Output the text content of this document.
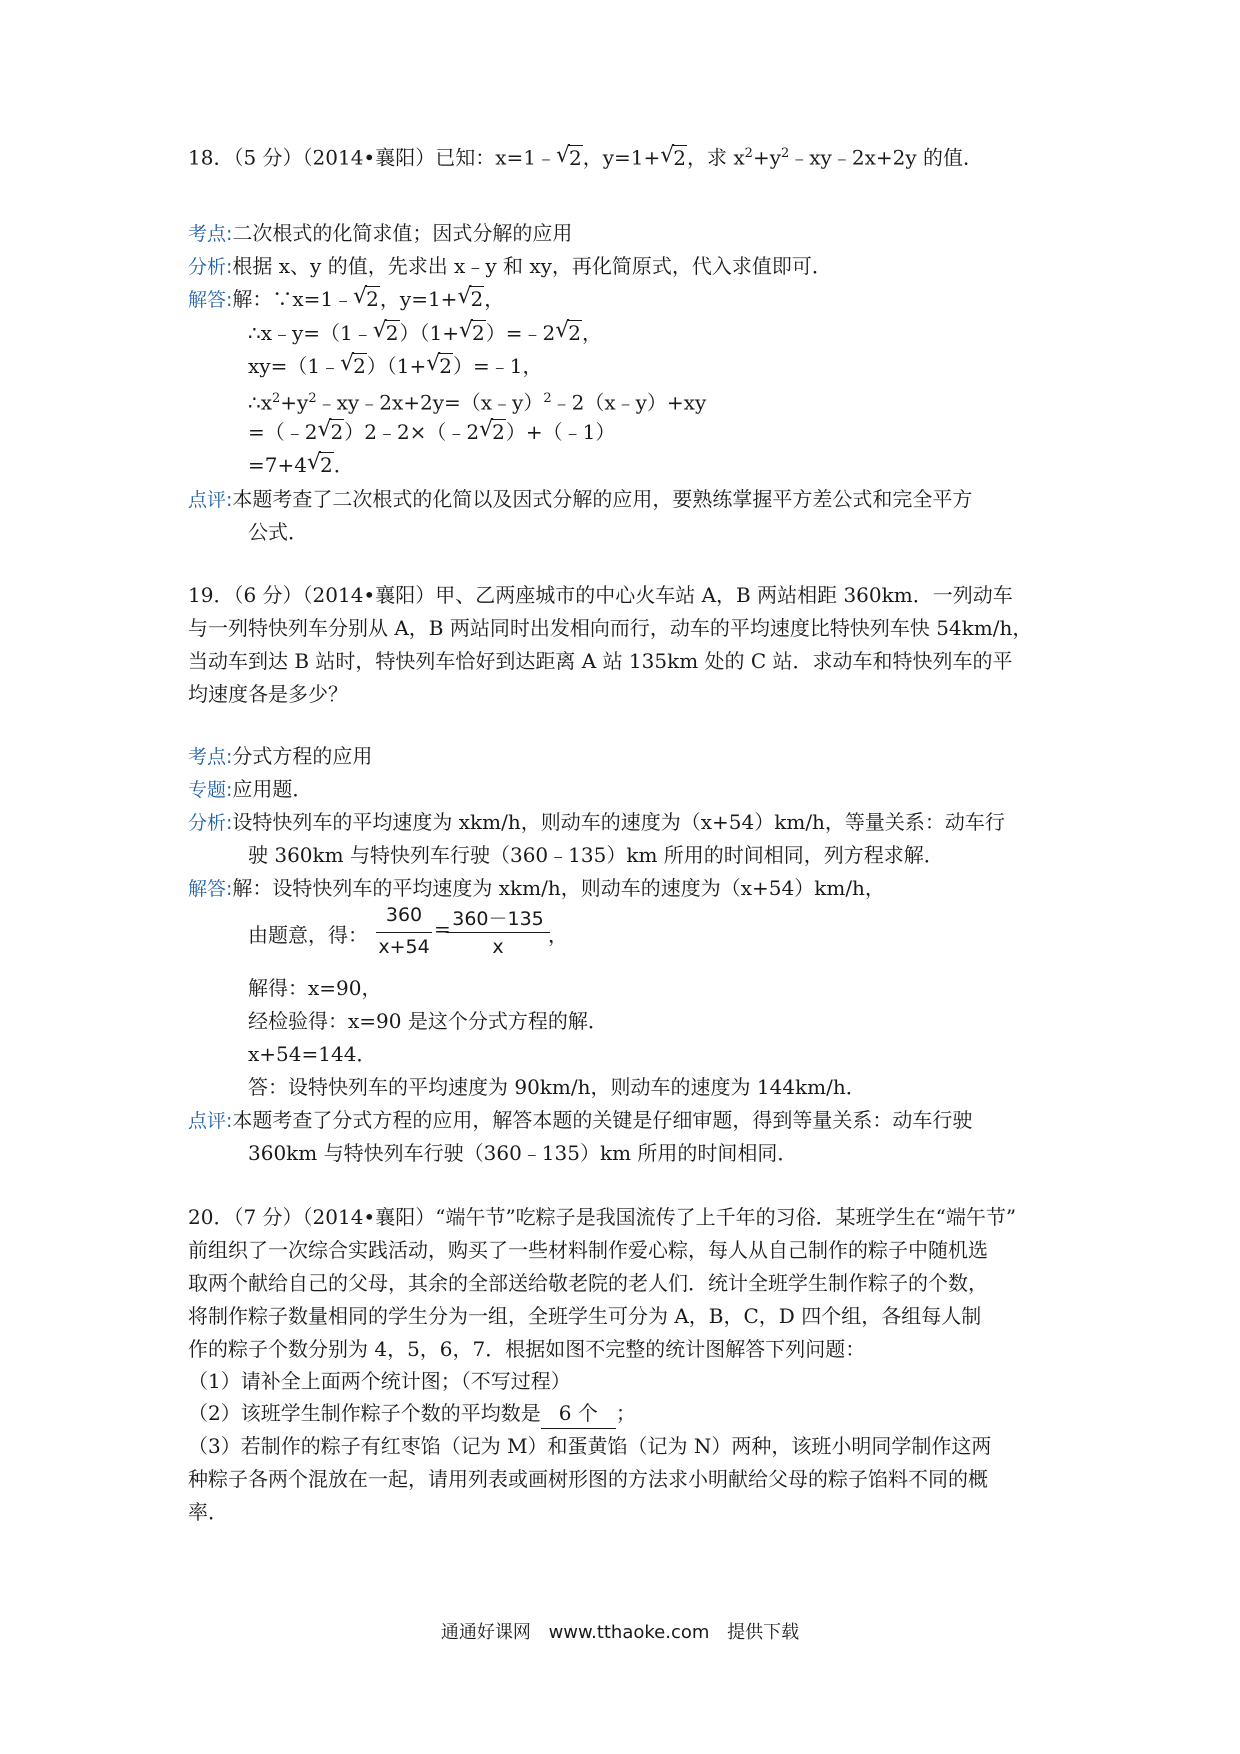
18．（5 分）（2014•襄阳）已知：x=1﹣ √
2，y=1+ √
2，求 $x^2+y^2﹣xy﹣2x+2y$ 的值．
考点:二次根式的化简求值；因式分解的应用
分析:根据 x、y 的值，先求出 x﹣y 和 xy，再化简原式，代入求值即可．
解答:解：∵x=1﹣ √
2，y=1+ √
2，
∴x﹣y=（1﹣ √
2）（1+ √
2）=﹣2 √
2，
xy=（1﹣ √
2）（1+ √
2）=﹣1，
$\therefore x^2+y^2﹣xy﹣2x+2y=(x﹣y)^2﹣2(x﹣y)+xy$
=（﹣2 √
2）2﹣2×（﹣2 √
2）+（﹣1）
=7+4 √
2．
点评:本题考查了二次根式的化简以及因式分解的应用，要熟练掌握平方差公式和完全平方
公式．
19．（6 分）（2014•襄阳）甲、乙两座城市的中心火车站 A，B 两站相距 360km．一列动车
与一列特快列车分别从 A，B 两站同时出发相向而行，动车的平均速度比特快列车快 54km/h，
当动车到达 B 站时，特快列车恰好到达距离 A 站 135km 处的 C 站．求动车和特快列车的平
均速度各是多少？
考点:分式方程的应用
专题:应用题．
分析:设特快列车的平均速度为 xkm/h，则动车的速度为（x+54）km/h，等量关系：动车行
驶 360km 与特快列车行驶（360﹣135）km 所用的时间相同，列方程求解．
解答:解：设特快列车的平均速度为 xkm/h，则动车的速度为（x+54）km/h，
由题意，得：
360
x+54
= 360－135
x	，
解得：x=90，
经检验得：x=90 是这个分式方程的解．
x+54=144．
答：设特快列车的平均速度为 90km/h，则动车的速度为 144km/h．
点评:本题考查了分式方程的应用，解答本题的关键是仔细审题，得到等量关系：动车行驶
360km 与特快列车行驶（360﹣135）km 所用的时间相同．
20．（7 分）（2014•襄阳）“端午节”吃粽子是我国流传了上千年的习俗．某班学生在“端午节”
前组织了一次综合实践活动，购买了一些材料制作爱心粽，每人从自己制作的粽子中随机选
取两个献给自己的父母，其余的全部送给敬老院的老人们．统计全班学生制作粽子的个数，
将制作粽子数量相同的学生分为一组，全班学生可分为 A，B，C，D 四个组，各组每人制
作的粽子个数分别为 4，5，6，7．根据如图不完整的统计图解答下列问题：
（1）请补全上面两个统计图；（不写过程）
（2）该班学生制作粽子个数的平均数是 6 个 ；
（3）若制作的粽子有红枣馅（记为 M）和蛋黄馅（记为 N）两种，该班小明同学制作这两
种粽子各两个混放在一起，请用列表或画树形图的方法求小明献给父母的粽子馅料不同的概
率．
通通好课网 www.tthaoke.com 提供下载
